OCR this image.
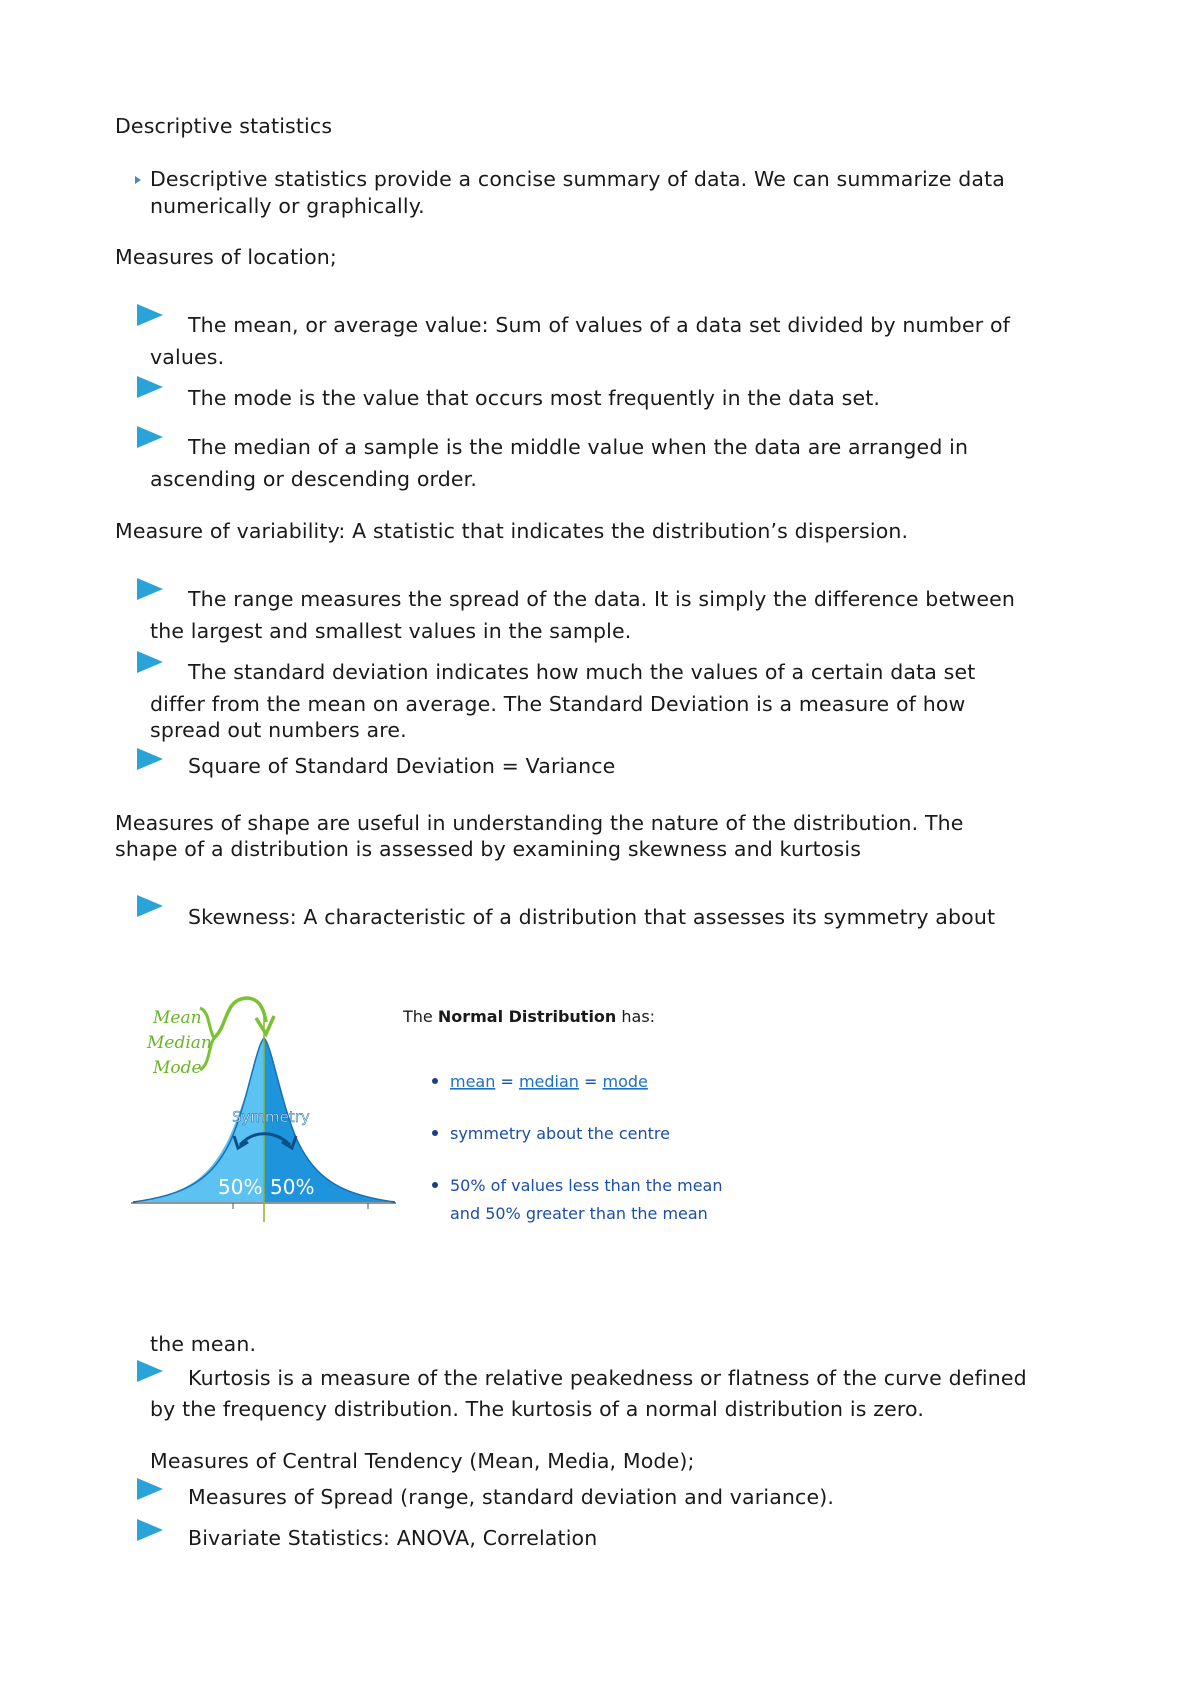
Descriptive statistics
Descriptive statistics provide a concise summary of data. We can summarize data
numerically or graphically.
Measures of location;
The mean, or average value: Sum of values of a data set divided by number of
values.
The mode is the value that occurs most frequently in the data set.
The median of a sample is the middle value when the data are arranged in
ascending or descending order.
Measure of variability: A statistic that indicates the distribution’s dispersion.
The range measures the spread of the data. It is simply the difference between
the largest and smallest values in the sample.
The standard deviation indicates how much the values of a certain data set
differ from the mean on average. The Standard Deviation is a measure of how
spread out numbers are.
Square of Standard Deviation = Variance
Measures of shape are useful in understanding the nature of the distribution. The
shape of a distribution is assessed by examining skewness and kurtosis
Skewness: A characteristic of a distribution that assesses its symmetry about
Mean
Median
Mode
Symmetry
50% 50%
The Normal Distribution has:
mean = median = mode
symmetry about the centre
50% of values less than the mean
and 50% greater than the mean
the mean.
Kurtosis is a measure of the relative peakedness or flatness of the curve defined
by the frequency distribution. The kurtosis of a normal distribution is zero.
Measures of Central Tendency (Mean, Media, Mode);
Measures of Spread (range, standard deviation and variance).
Bivariate Statistics: ANOVA, Correlation
